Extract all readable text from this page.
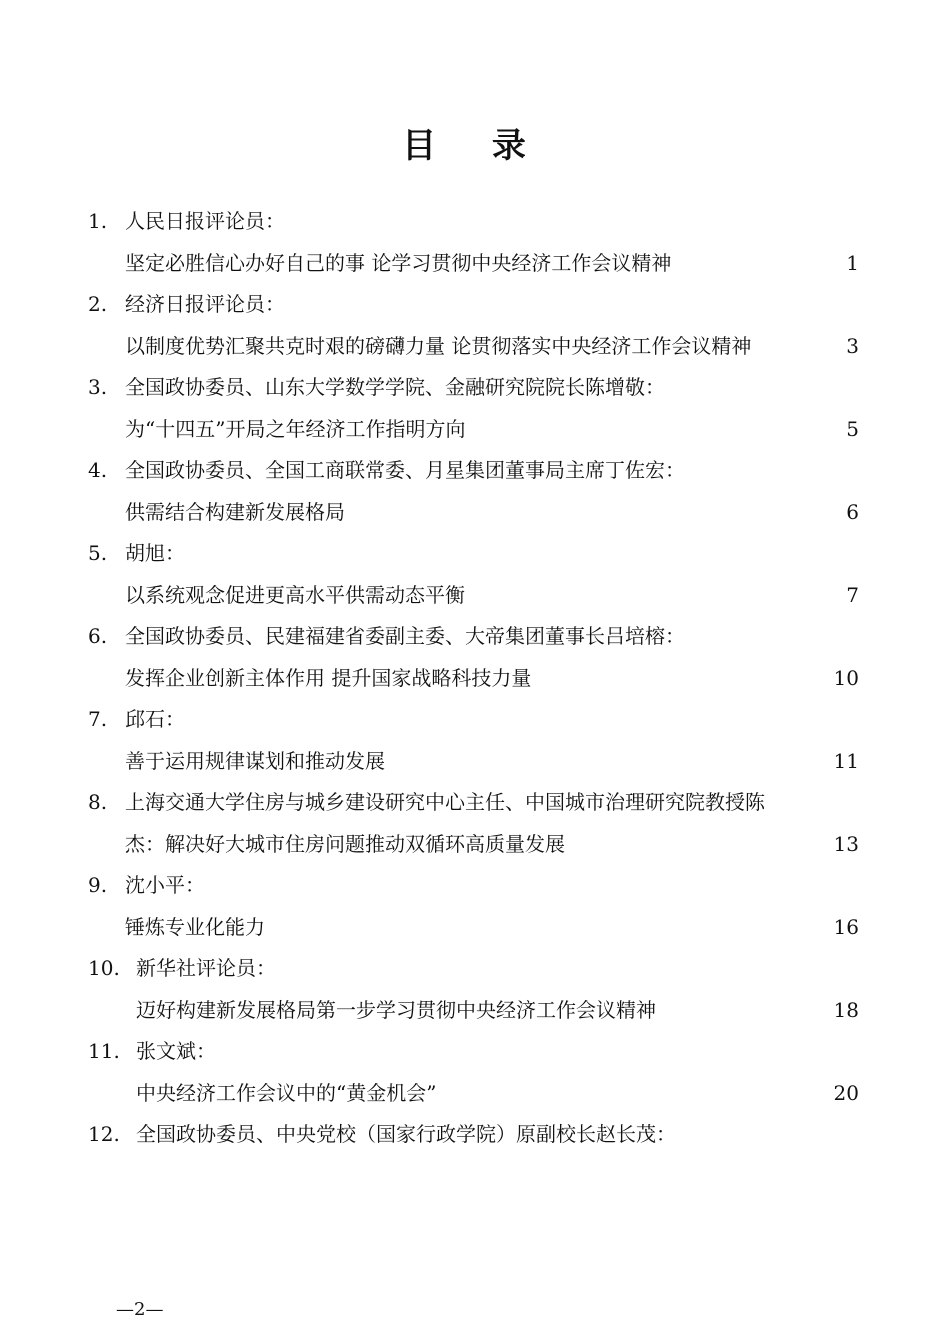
目 录
1. 人民日报评论员：
坚定必胜信心办好自己的事 论学习贯彻中央经济工作会议精神	1
2. 经济日报评论员：
以制度优势汇聚共克时艰的磅礴力量 论贯彻落实中央经济工作会议精神	3
3. 全国政协委员、山东大学数学学院、金融研究院院长陈增敬：
为“十四五”开局之年经济工作指明方向	5
4. 全国政协委员、全国工商联常委、月星集团董事局主席丁佐宏：
供需结合构建新发展格局	6
5. 胡旭：
以系统观念促进更高水平供需动态平衡	7
6. 全国政协委员、民建福建省委副主委、大帝集团董事长吕培榕：
发挥企业创新主体作用 提升国家战略科技力量	10
7. 邱石：
善于运用规律谋划和推动发展	11
8. 上海交通大学住房与城乡建设研究中心主任、中国城市治理研究院教授陈
杰：解决好大城市住房问题推动双循环高质量发展	13
9. 沈小平：
锤炼专业化能力	16
10. 新华社评论员：
迈好构建新发展格局第一步学习贯彻中央经济工作会议精神	18
11. 张文斌：
中央经济工作会议中的“黄金机会”	20
12. 全国政协委员、中央党校（国家行政学院）原副校长赵长茂：
—2—
